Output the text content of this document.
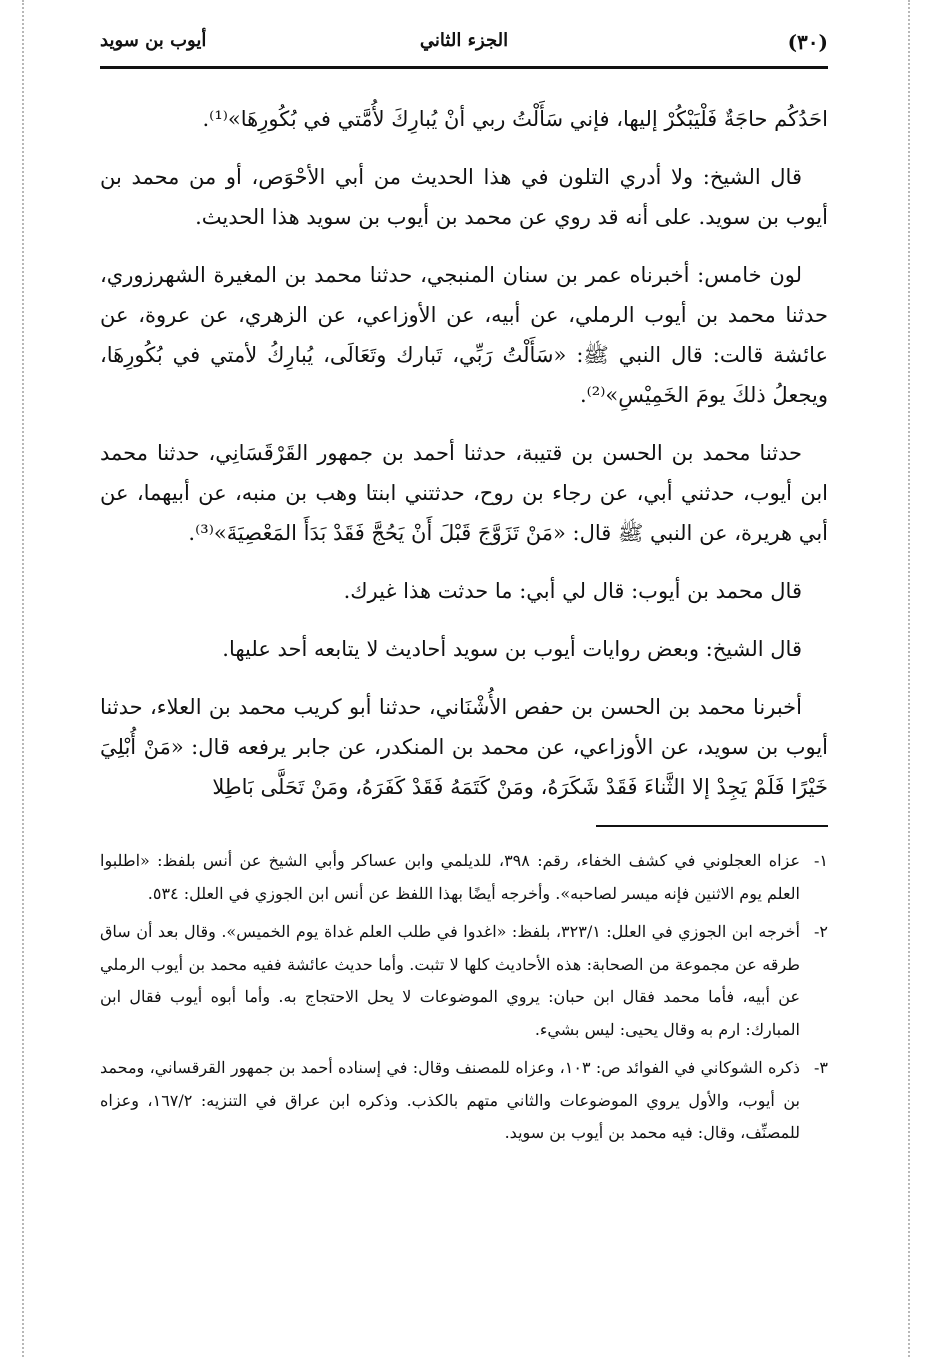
(٣٠)
الجزء الثاني
أيوب بن سويد

احَدُكُم حاجَةٌ فَلْيَبْكُرْ إليها، فإني سَأَلْتُ ربي أنْ يُبارِكَ لأُمَّتي في بُكُورِهَا»⁽¹⁾.

قال الشيخ: ولا أدري التلون في هذا الحديث من أبي الأحْوَص، أو من محمد بن أيوب بن سويد. على أنه قد روي عن محمد بن أيوب بن سويد هذا الحديث.

لون خامس: أخبرناه عمر بن سنان المنبجي، حدثنا محمد بن المغيرة الشهرزوري، حدثنا محمد بن أيوب الرملي، عن أبيه، عن الأوزاعي، عن الزهري، عن عروة، عن عائشة قالت: قال النبي ﷺ: «سَأَلْتُ رَبِّي، تَبارك وتَعَالَى، يُبارِكُ لأمتي في بُكُورِهَا، ويجعلُ ذلكَ يومَ الخَمِيْسِ»⁽²⁾.

حدثنا محمد بن الحسن بن قتيبة، حدثنا أحمد بن جمهور القَرْقَسَانِي، حدثنا محمد ابن أيوب، حدثني أبي، عن رجاء بن روح، حدثتني ابنتا وهب بن منبه، عن أبيهما، عن أبي هريرة، عن النبي ﷺ قال: «مَنْ تَزَوَّجَ قَبْلَ أَنْ يَحُجَّ فَقَدْ بَدَأَ المَعْصِيَةَ»⁽³⁾.

قال محمد بن أيوب: قال لي أبي: ما حدثت هذا غيرك.

قال الشيخ: وبعض روايات أيوب بن سويد أحاديث لا يتابعه أحد عليها.

أخبرنا محمد بن الحسن بن حفص الأُشْنَاني، حدثنا أبو كريب محمد بن العلاء، حدثنا أيوب بن سويد، عن الأوزاعي، عن محمد بن المنكدر، عن جابر يرفعه قال: «مَنْ أُبْلِيَ خَيْرًا فَلَمْ يَجِدْ إلا الثَّناءَ فَقَدْ شَكَرَهُ، ومَنْ كَتَمَهُ فَقَدْ كَفَرَهُ، ومَنْ تَحَلَّى بَاطِلا

١-
عزاه العجلوني في كشف الخفاء، رقم: ٣٩٨، للديلمي وابن عساكر وأبي الشيخ عن أنس بلفظ: «اطلبوا العلم يوم الاثنين فإنه ميسر لصاحبه». وأخرجه أيضًا بهذا اللفظ عن أنس ابن الجوزي في العلل: ٥٣٤.

٢-
أخرجه ابن الجوزي في العلل: ٣٢٣/١، بلفظ: «اغدوا في طلب العلم غداة يوم الخميس». وقال بعد أن ساق طرقه عن مجموعة من الصحابة: هذه الأحاديث كلها لا تثبت. وأما حديث عائشة ففيه محمد بن أيوب الرملي عن أبيه، فأما محمد فقال ابن حبان: يروي الموضوعات لا يحل الاحتجاج به. وأما أبوه أيوب فقال ابن المبارك: ارم به وقال يحيى: ليس بشيء.

٣-
ذكره الشوكاني في الفوائد ص: ١٠٣، وعزاه للمصنف وقال: في إسناده أحمد بن جمهور القرقساني، ومحمد بن أيوب، والأول يروي الموضوعات والثاني متهم بالكذب. وذكره ابن عراق في التنزيه: ١٦٧/٢، وعزاه للمصنِّف، وقال: فيه محمد بن أيوب بن سويد.
